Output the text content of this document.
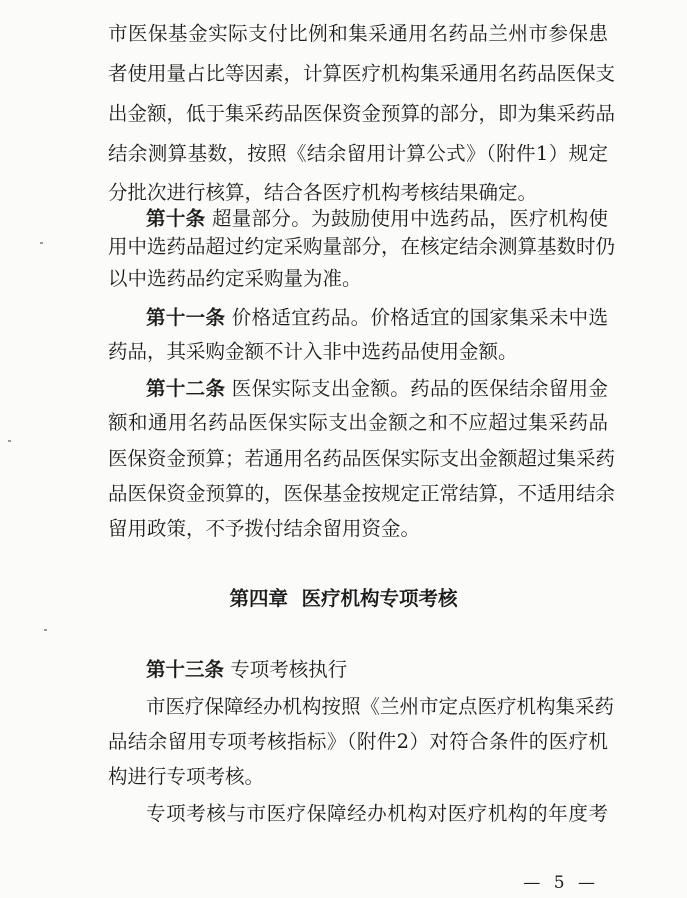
市医保基金实际支付比例和集采通用名药品兰州市参保患
者使用量占比等因素，计算医疗机构集采通用名药品医保支
出金额，低于集采药品医保资金预算的部分，即为集采药品
结余测算基数，按照《结余留用计算公式》（附件1）规定
分批次进行核算，结合各医疗机构考核结果确定。
第十条 超量部分。为鼓励使用中选药品，医疗机构使
用中选药品超过约定采购量部分，在核定结余测算基数时仍
以中选药品约定采购量为准。
第十一条 价格适宜药品。价格适宜的国家集采未中选
药品，其采购金额不计入非中选药品使用金额。
第十二条 医保实际支出金额。药品的医保结余留用金
额和通用名药品医保实际支出金额之和不应超过集采药品
医保资金预算；若通用名药品医保实际支出金额超过集采药
品医保资金预算的，医保基金按规定正常结算，不适用结余
留用政策，不予拨付结余留用资金。
第四章  医疗机构专项考核
第十三条 专项考核执行
市医疗保障经办机构按照《兰州市定点医疗机构集采药
品结余留用专项考核指标》（附件2）对符合条件的医疗机
构进行专项考核。
专项考核与市医疗保障经办机构对医疗机构的年度考
— 5 —
